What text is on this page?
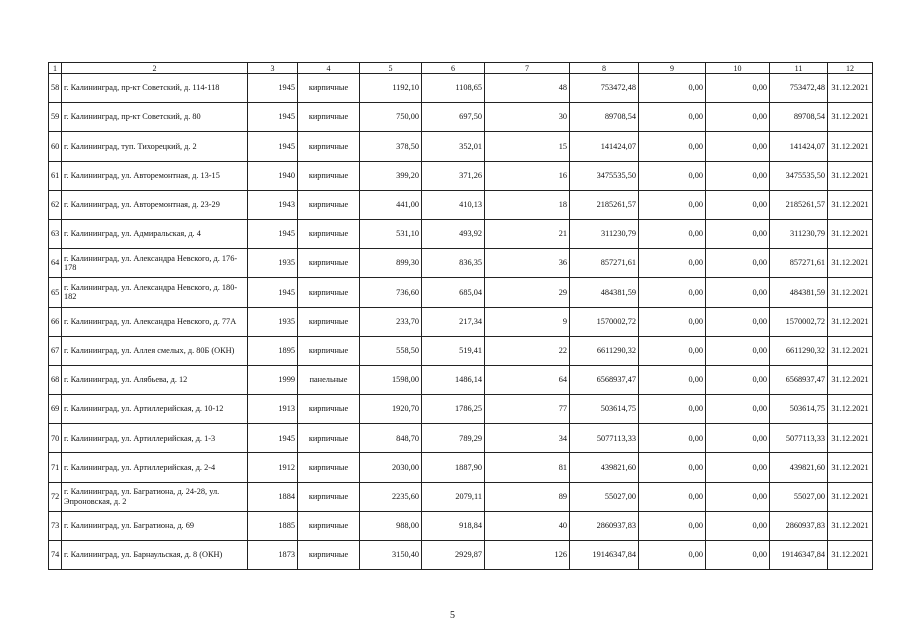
1	2	3	4	5	6	7	8	9	10	11	12
58	г. Калининград, пр-кт Советский, д. 114-118	1945	кирпичные	1192,10	1108,65	48	753472,48	0,00	0,00	753472,48	31.12.2021
59	г. Калининград, пр-кт Советский, д. 80	1945	кирпичные	750,00	697,50	30	89708,54	0,00	0,00	89708,54	31.12.2021
60	г. Калининград, туп. Тихорецкий, д. 2	1945	кирпичные	378,50	352,01	15	141424,07	0,00	0,00	141424,07	31.12.2021
61	г. Калининград, ул. Авторемонтная, д. 13-15	1940	кирпичные	399,20	371,26	16	3475535,50	0,00	0,00	3475535,50	31.12.2021
62	г. Калининград, ул. Авторемонтная, д. 23-29	1943	кирпичные	441,00	410,13	18	2185261,57	0,00	0,00	2185261,57	31.12.2021
63	г. Калининград, ул. Адмиральская, д. 4	1945	кирпичные	531,10	493,92	21	311230,79	0,00	0,00	311230,79	31.12.2021
64	г. Калининград, ул. Александра Невского, д. 176-178	1935	кирпичные	899,30	836,35	36	857271,61	0,00	0,00	857271,61	31.12.2021
65	г. Калининград, ул. Александра Невского, д. 180-182	1945	кирпичные	736,60	685,04	29	484381,59	0,00	0,00	484381,59	31.12.2021
66	г. Калининград, ул. Александра Невского, д. 77А	1935	кирпичные	233,70	217,34	9	1570002,72	0,00	0,00	1570002,72	31.12.2021
67	г. Калининград, ул. Аллея смелых, д. 80Б (ОКН)	1895	кирпичные	558,50	519,41	22	6611290,32	0,00	0,00	6611290,32	31.12.2021
68	г. Калининград, ул. Алябьева, д. 12	1999	панельные	1598,00	1486,14	64	6568937,47	0,00	0,00	6568937,47	31.12.2021
69	г. Калининград, ул. Артиллерийская, д. 10-12	1913	кирпичные	1920,70	1786,25	77	503614,75	0,00	0,00	503614,75	31.12.2021
70	г. Калининград, ул. Артиллерийская, д. 1-3	1945	кирпичные	848,70	789,29	34	5077113,33	0,00	0,00	5077113,33	31.12.2021
71	г. Калининград, ул. Артиллерийская, д. 2-4	1912	кирпичные	2030,00	1887,90	81	439821,60	0,00	0,00	439821,60	31.12.2021
72	г. Калининград, ул. Багратиона, д. 24-28, ул. Эпроновская, д. 2	1884	кирпичные	2235,60	2079,11	89	55027,00	0,00	0,00	55027,00	31.12.2021
73	г. Калининград, ул. Багратиона, д. 69	1885	кирпичные	988,00	918,84	40	2860937,83	0,00	0,00	2860937,83	31.12.2021
74	г. Калининград, ул. Барнаульская, д. 8 (ОКН)	1873	кирпичные	3150,40	2929,87	126	19146347,84	0,00	0,00	19146347,84	31.12.2021
5
